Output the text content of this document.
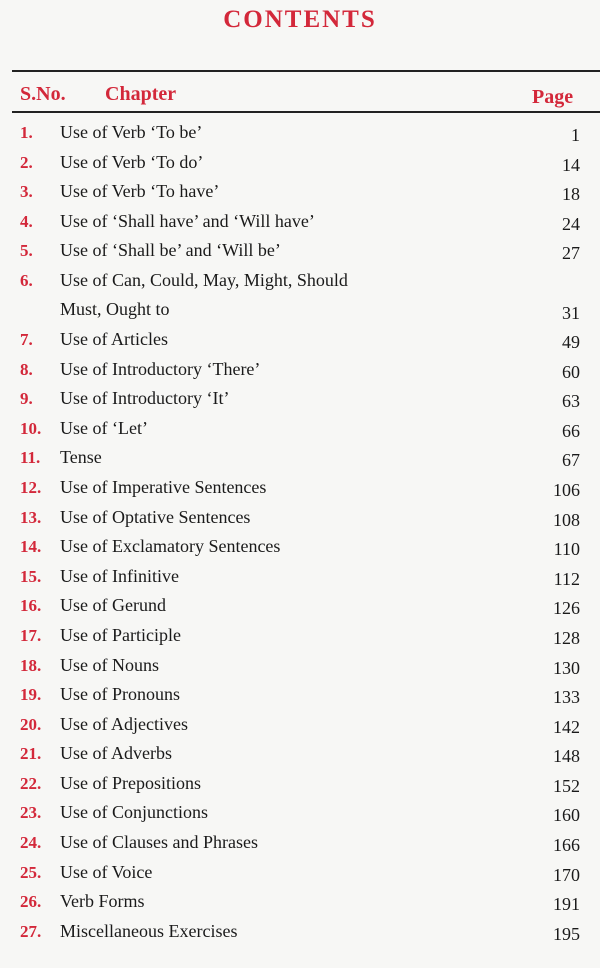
CONTENTS
S.No. Chapter	Page
1. Use of Verb ‘To be’	1
2. Use of Verb ‘To do’	14
3. Use of Verb ‘To have’	18
4. Use of ‘Shall have’ and ‘Will have’	24
5. Use of ‘Shall be’ and ‘Will be’	27
6. Use of Can, Could, May, Might, Should
Must, Ought to	31
7. Use of Articles	49
8. Use of Introductory ‘There’	60
9. Use of Introductory ‘It’	63
10. Use of ‘Let’	66
11. Tense	67
12. Use of Imperative Sentences	106
13. Use of Optative Sentences	108
14. Use of Exclamatory Sentences	110
15. Use of Infinitive	112
16. Use of Gerund	126
17. Use of Participle	128
18. Use of Nouns	130
19. Use of Pronouns	133
20. Use of Adjectives	142
21. Use of Adverbs	148
22. Use of Prepositions	152
23. Use of Conjunctions	160
24. Use of Clauses and Phrases	166
25. Use of Voice	170
26. Verb Forms	191
27. Miscellaneous Exercises	195
